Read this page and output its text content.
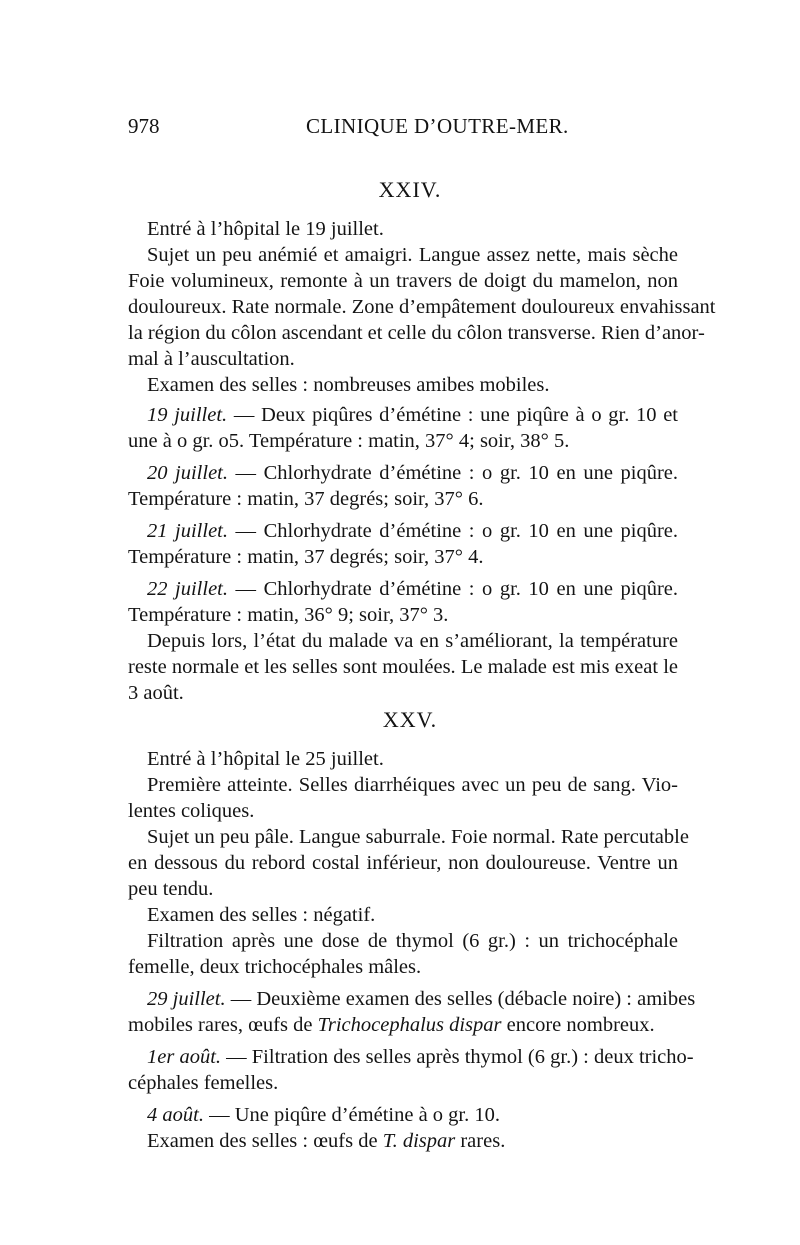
978	CLINIQUE D’OUTRE-MER.
XXIV.
Entré à l’hôpital le 19 juillet.
Sujet un peu anémié et amaigri. Langue assez nette, mais sèche
Foie volumineux, remonte à un travers de doigt du mamelon, non
douloureux. Rate normale. Zone d’empâtement douloureux envahissant
la région du côlon ascendant et celle du côlon transverse. Rien d’anor-
mal à l’auscultation.
Examen des selles : nombreuses amibes mobiles.
19 juillet. — Deux piqûres d’émétine : une piqûre à o gr. 10 et
une à o gr. o5. Température : matin, 37° 4; soir, 38° 5.
20 juillet. — Chlorhydrate d’émétine : o gr. 10 en une piqûre.
Température : matin, 37 degrés; soir, 37° 6.
21 juillet. — Chlorhydrate d’émétine : o gr. 10 en une piqûre.
Température : matin, 37 degrés; soir, 37° 4.
22 juillet. — Chlorhydrate d’émétine : o gr. 10 en une piqûre.
Température : matin, 36° 9; soir, 37° 3.
Depuis lors, l’état du malade va en s’améliorant, la température
reste normale et les selles sont moulées. Le malade est mis exeat le
3 août.
XXV.
Entré à l’hôpital le 25 juillet.
Première atteinte. Selles diarrhéiques avec un peu de sang. Vio-
lentes coliques.
Sujet un peu pâle. Langue saburrale. Foie normal. Rate percutable
en dessous du rebord costal inférieur, non douloureuse. Ventre un
peu tendu.
Examen des selles : négatif.
Filtration après une dose de thymol (6 gr.) : un trichocéphale
femelle, deux trichocéphales mâles.
29 juillet. — Deuxième examen des selles (débacle noire) : amibes
mobiles rares, œufs de Trichocephalus dispar encore nombreux.
1er août. — Filtration des selles après thymol (6 gr.) : deux tricho-
céphales femelles.
4 août. — Une piqûre d’émétine à o gr. 10.
Examen des selles : œufs de T. dispar rares.
